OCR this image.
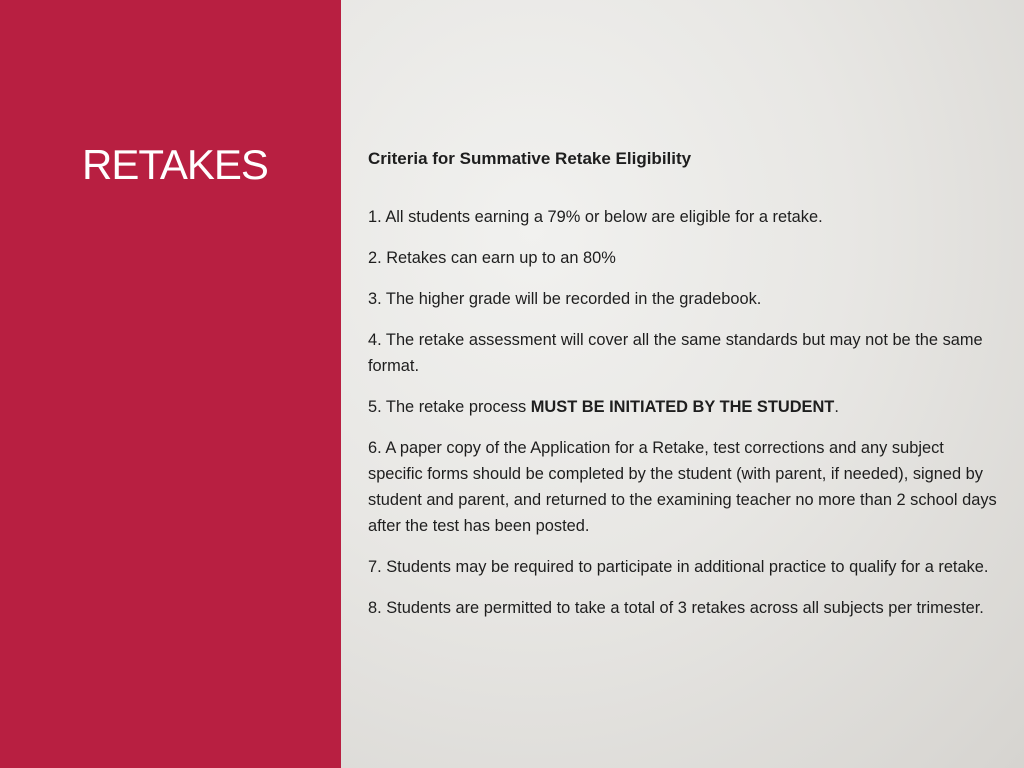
RETAKES	Criteria for Summative Retake Eligibility

1. All students earning a 79% or below are eligible for a retake.
2. Retakes can earn up to an 80%
3. The higher grade will be recorded in the gradebook.
4. The retake assessment will cover all the same standards but may not be the same format.
5. The retake process MUST BE INITIATED BY THE STUDENT.
6. A paper copy of the Application for a Retake, test corrections and any subject specific forms should be completed by the student (with parent, if needed), signed by student and parent, and returned to the examining teacher no more than 2 school days after the test has been posted.
7. Students may be required to participate in additional practice to qualify for a retake.
8. Students are permitted to take a total of 3 retakes across all subjects per trimester.
